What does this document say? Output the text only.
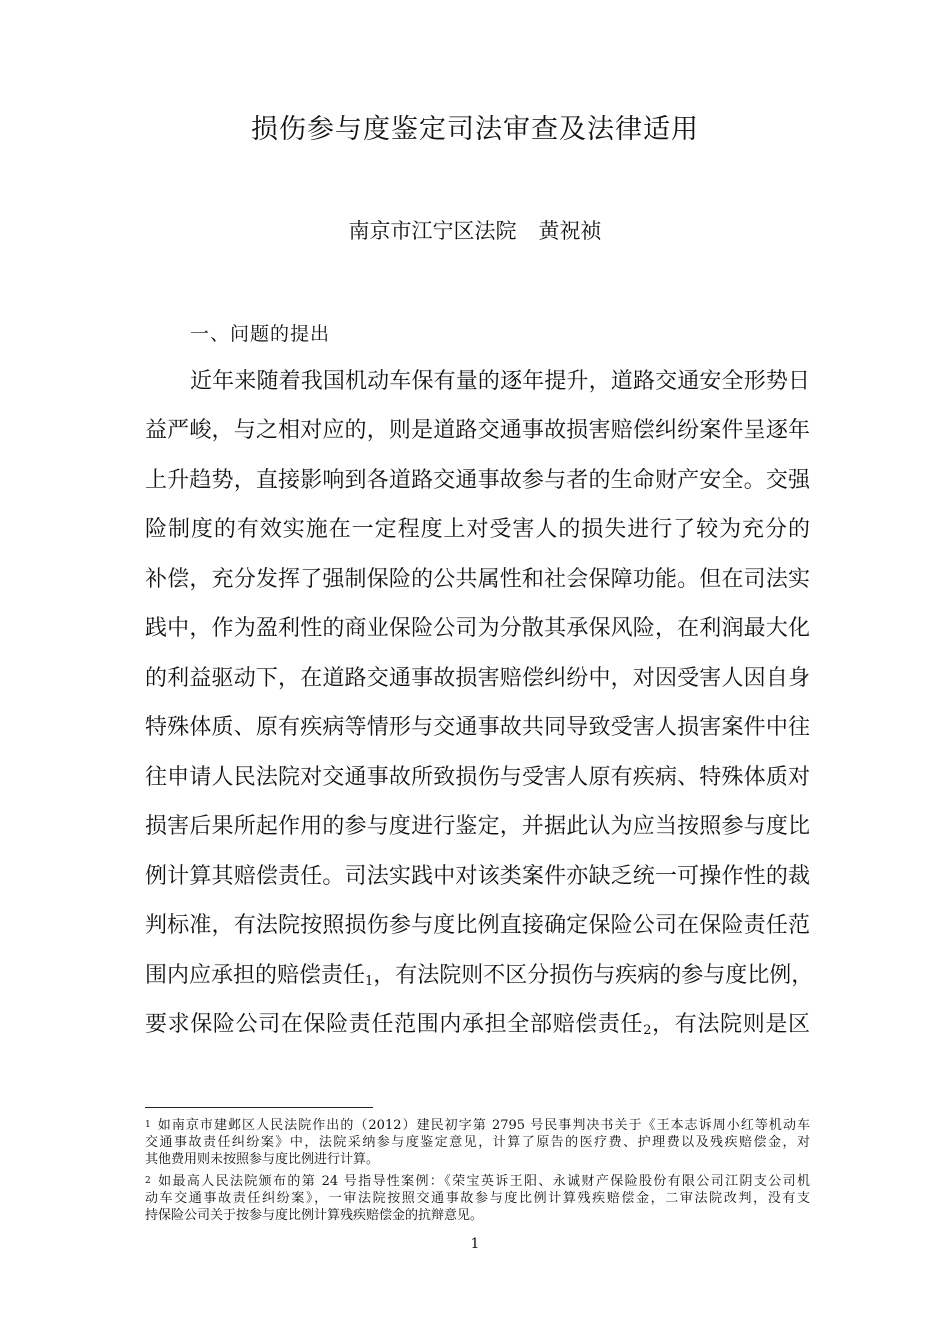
损伤参与度鉴定司法审查及法律适用
南京市江宁区法院 黄祝祯
一、问题的提出
近年来随着我国机动车保有量的逐年提升，道路交通安全形势日
益严峻，与之相对应的，则是道路交通事故损害赔偿纠纷案件呈逐年
上升趋势，直接影响到各道路交通事故参与者的生命财产安全。交强
险制度的有效实施在一定程度上对受害人的损失进行了较为充分的
补偿，充分发挥了强制保险的公共属性和社会保障功能。但在司法实
践中，作为盈利性的商业保险公司为分散其承保风险，在利润最大化
的利益驱动下，在道路交通事故损害赔偿纠纷中，对因受害人因自身
特殊体质、原有疾病等情形与交通事故共同导致受害人损害案件中往
往申请人民法院对交通事故所致损伤与受害人原有疾病、特殊体质对
损害后果所起作用的参与度进行鉴定，并据此认为应当按照参与度比
例计算其赔偿责任。司法实践中对该类案件亦缺乏统一可操作性的裁
判标准，有法院按照损伤参与度比例直接确定保险公司在保险责任范
围内应承担的赔偿责任1，有法院则不区分损伤与疾病的参与度比例，
要求保险公司在保险责任范围内承担全部赔偿责任2，有法院则是区
1 如南京市建邺区人民法院作出的（2012）建民初字第 2795 号民事判决书关于《王本志诉周小红等机动车
交通事故责任纠纷案》中，法院采纳参与度鉴定意见，计算了原告的医疗费、护理费以及残疾赔偿金，对
其他费用则未按照参与度比例进行计算。
2 如最高人民法院颁布的第 24 号指导性案例：《荣宝英诉王阳、永诚财产保险股份有限公司江阴支公司机
动车交通事故责任纠纷案》，一审法院按照交通事故参与度比例计算残疾赔偿金，二审法院改判，没有支
持保险公司关于按参与度比例计算残疾赔偿金的抗辩意见。
1
